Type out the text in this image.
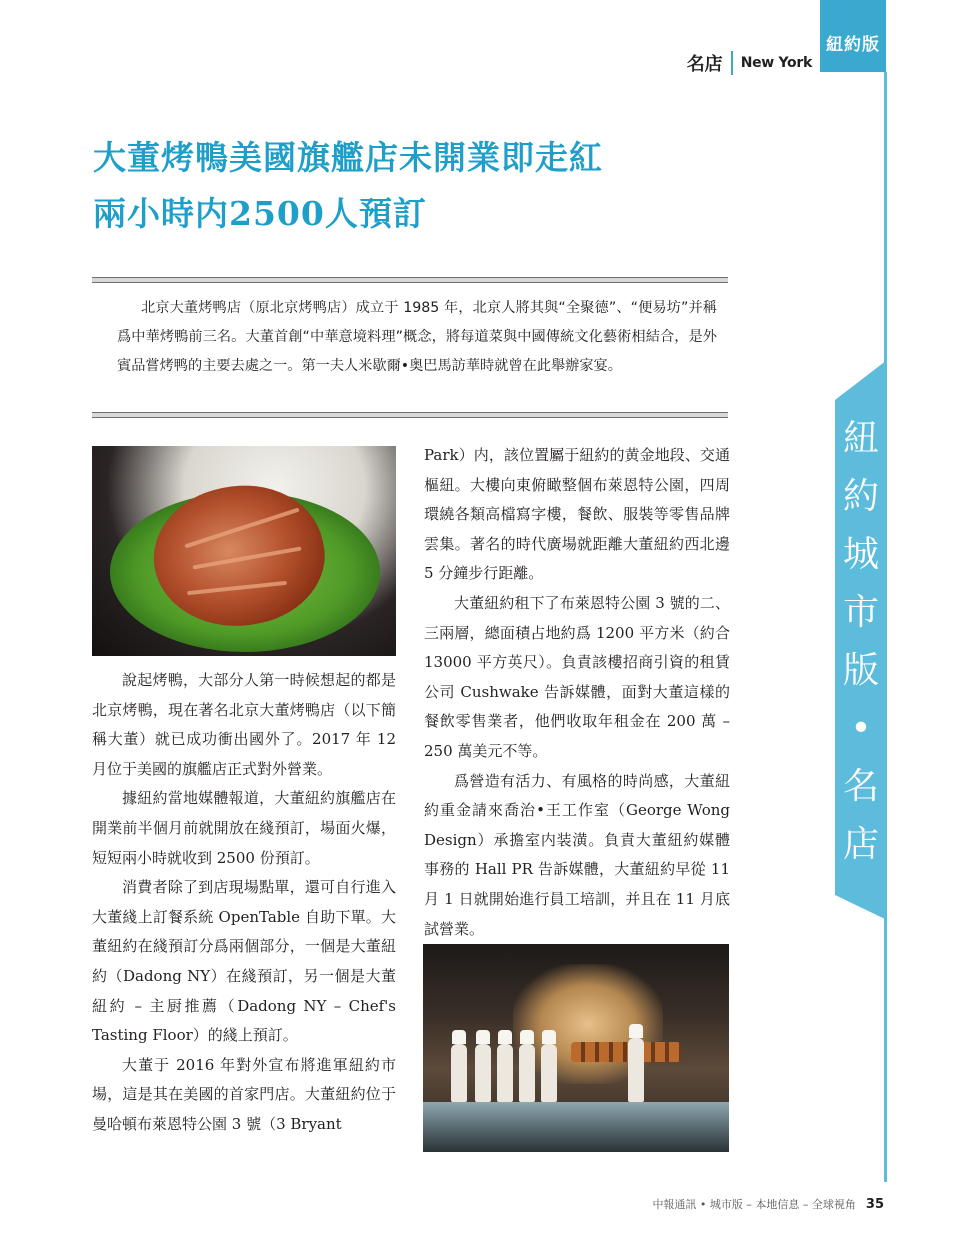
紐約版
名店 New York
大董烤鴨美國旗艦店未開業即走紅
兩小時内2500人預訂
北京大董烤鸭店（原北京烤鸭店）成立于 1985 年，北京人將其與“全聚德”、“便易坊”并稱爲中華烤鴨前三名。大董首創“中華意境料理”概念，將每道菜與中國傳統文化藝術相結合，是外賓品嘗烤鸭的主要去處之一。第一夫人米歇爾•奥巴馬訪華時就曾在此舉辦家宴。

說起烤鴨，大部分人第一時候想起的都是北京烤鴨，現在著名北京大董烤鴨店（以下簡稱大董）就已成功衝出國外了。2017 年 12 月位于美國的旗艦店正式對外營業。

據紐約當地媒體報道，大董紐約旗艦店在開業前半個月前就開放在綫預訂，場面火爆，短短兩小時就收到 2500 份預訂。

消費者除了到店現場點單，還可自行進入大董綫上訂餐系統 OpenTable 自助下單。大董紐約在綫預訂分爲兩個部分，一個是大董紐約（Dadong NY）在綫預訂，另一個是大董紐約 – 主厨推薦（Dadong NY – Chef's Tasting Floor）的綫上預訂。

大董于 2016 年對外宣布將進軍紐約市場，這是其在美國的首家門店。大董紐約位于曼哈頓布萊恩特公園 3 號（3 Bryant

Park）内，該位置屬于紐約的黄金地段、交通樞紐。大樓向東俯瞰整個布萊恩特公園，四周環繞各類高檔寫字樓，餐飲、服裝等零售品牌雲集。著名的時代廣場就距離大董紐約西北邊 5 分鐘步行距離。

大董紐約租下了布萊恩特公園 3 號的二、三兩層，總面積占地約爲 1200 平方米（約合 13000 平方英尺）。負責該樓招商引資的租賃公司 Cushwake 告訴媒體，面對大董這樣的餐飲零售業者，他們收取年租金在 200 萬 –250 萬美元不等。

爲營造有活力、有風格的時尚感，大董紐約重金請來喬治•王工作室（George Wong Design）承擔室内装潢。負責大董紐約媒體事務的 Hall PR 告訴媒體，大董紐約早從 11 月 1 日就開始進行員工培訓，并且在 11 月底試營業。

紐
約
城
市
版
•
名
店
中報通訊 • 城市版 – 本地信息 – 全球視角 35
